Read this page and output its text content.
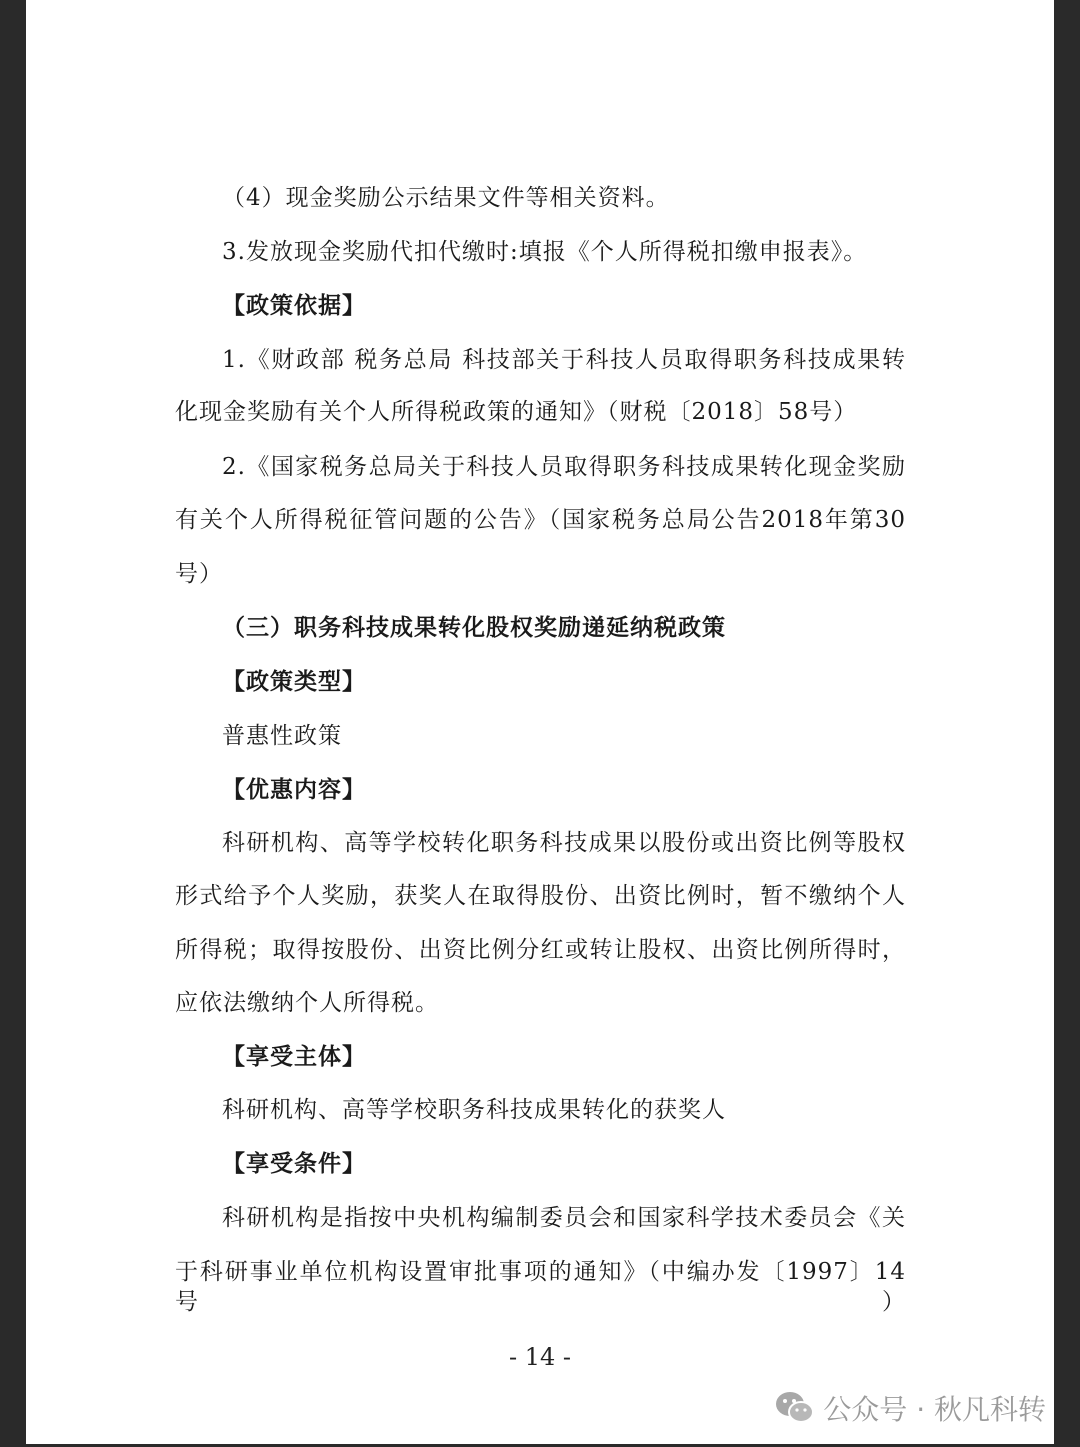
（4）现金奖励公示结果文件等相关资料。
3.发放现金奖励代扣代缴时:填报《个人所得税扣缴申报表》。
【政策依据】
1.《财政部 税务总局 科技部关于科技人员取得职务科技成果转
化现金奖励有关个人所得税政策的通知》（财税〔2018〕58号）
2.《国家税务总局关于科技人员取得职务科技成果转化现金奖励
有关个人所得税征管问题的公告》（国家税务总局公告2018年第30
号）
（三）职务科技成果转化股权奖励递延纳税政策
【政策类型】
普惠性政策
【优惠内容】
科研机构、高等学校转化职务科技成果以股份或出资比例等股权
形式给予个人奖励，获奖人在取得股份、出资比例时，暂不缴纳个人
所得税；取得按股份、出资比例分红或转让股权、出资比例所得时，
应依法缴纳个人所得税。
【享受主体】
科研机构、高等学校职务科技成果转化的获奖人
【享受条件】
科研机构是指按中央机构编制委员会和国家科学技术委员会《关
于科研事业单位机构设置审批事项的通知》（中编办发〔1997〕14号）
- 14 -
公众号 · 秋凡科转
